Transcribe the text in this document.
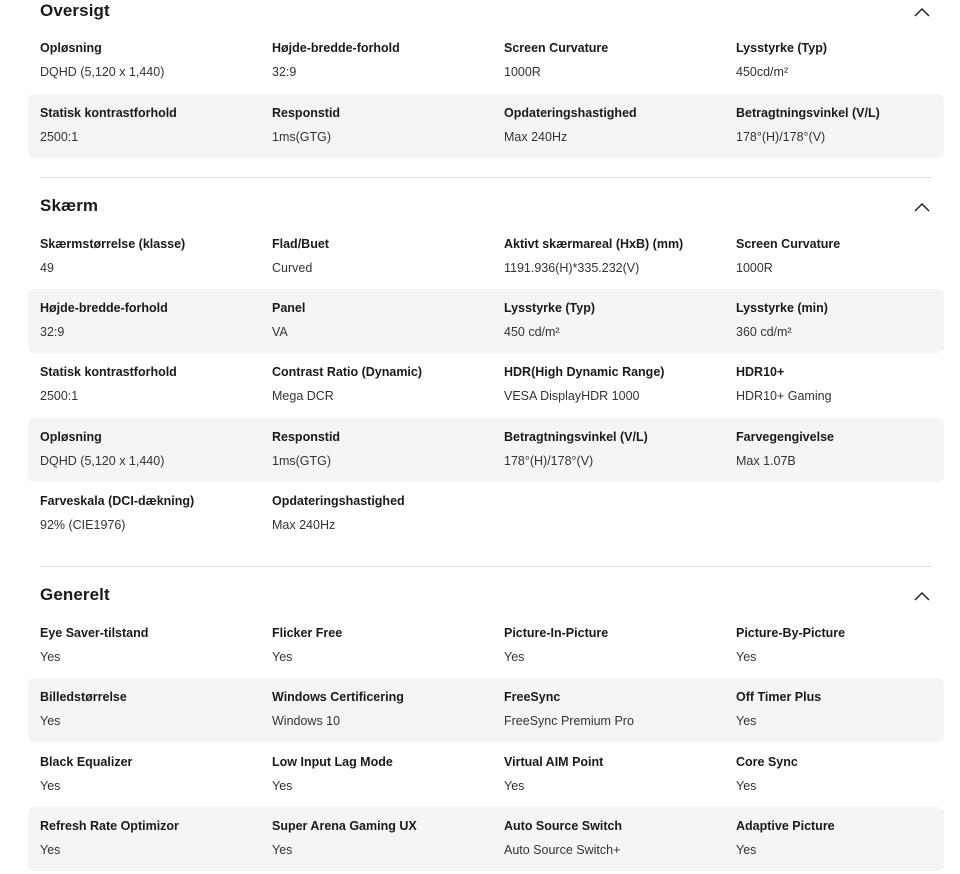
Oversigt
Opløsning
DQHD (5,120 x 1,440)
Højde-bredde-forhold
32:9
Screen Curvature
1000R
Lysstyrke (Typ)
450cd/m²
Statisk kontrastforhold
2500:1
Responstid
1ms(GTG)
Opdateringshastighed
Max 240Hz
Betragtningsvinkel (V/L)
178°(H)/178°(V)
Skærm
Skærmstørrelse (klasse)
49
Flad/Buet
Curved
Aktivt skærmareal (HxB) (mm)
1191.936(H)*335.232(V)
Screen Curvature
1000R
Højde-bredde-forhold
32:9
Panel
VA
Lysstyrke (Typ)
450 cd/m²
Lysstyrke (min)
360 cd/m²
Statisk kontrastforhold
2500:1
Contrast Ratio (Dynamic)
Mega DCR
HDR(High Dynamic Range)
VESA DisplayHDR 1000
HDR10+
HDR10+ Gaming
Opløsning
DQHD (5,120 x 1,440)
Responstid
1ms(GTG)
Betragtningsvinkel (V/L)
178°(H)/178°(V)
Farvegengivelse
Max 1.07B
Farveskala (DCI-dækning)
92% (CIE1976)
Opdateringshastighed
Max 240Hz
Generelt
Eye Saver-tilstand
Yes
Flicker Free
Yes
Picture-In-Picture
Yes
Picture-By-Picture
Yes
Billedstørrelse
Yes
Windows Certificering
Windows 10
FreeSync
FreeSync Premium Pro
Off Timer Plus
Yes
Black Equalizer
Yes
Low Input Lag Mode
Yes
Virtual AIM Point
Yes
Core Sync
Yes
Refresh Rate Optimizor
Yes
Super Arena Gaming UX
Yes
Auto Source Switch
Auto Source Switch+
Adaptive Picture
Yes
